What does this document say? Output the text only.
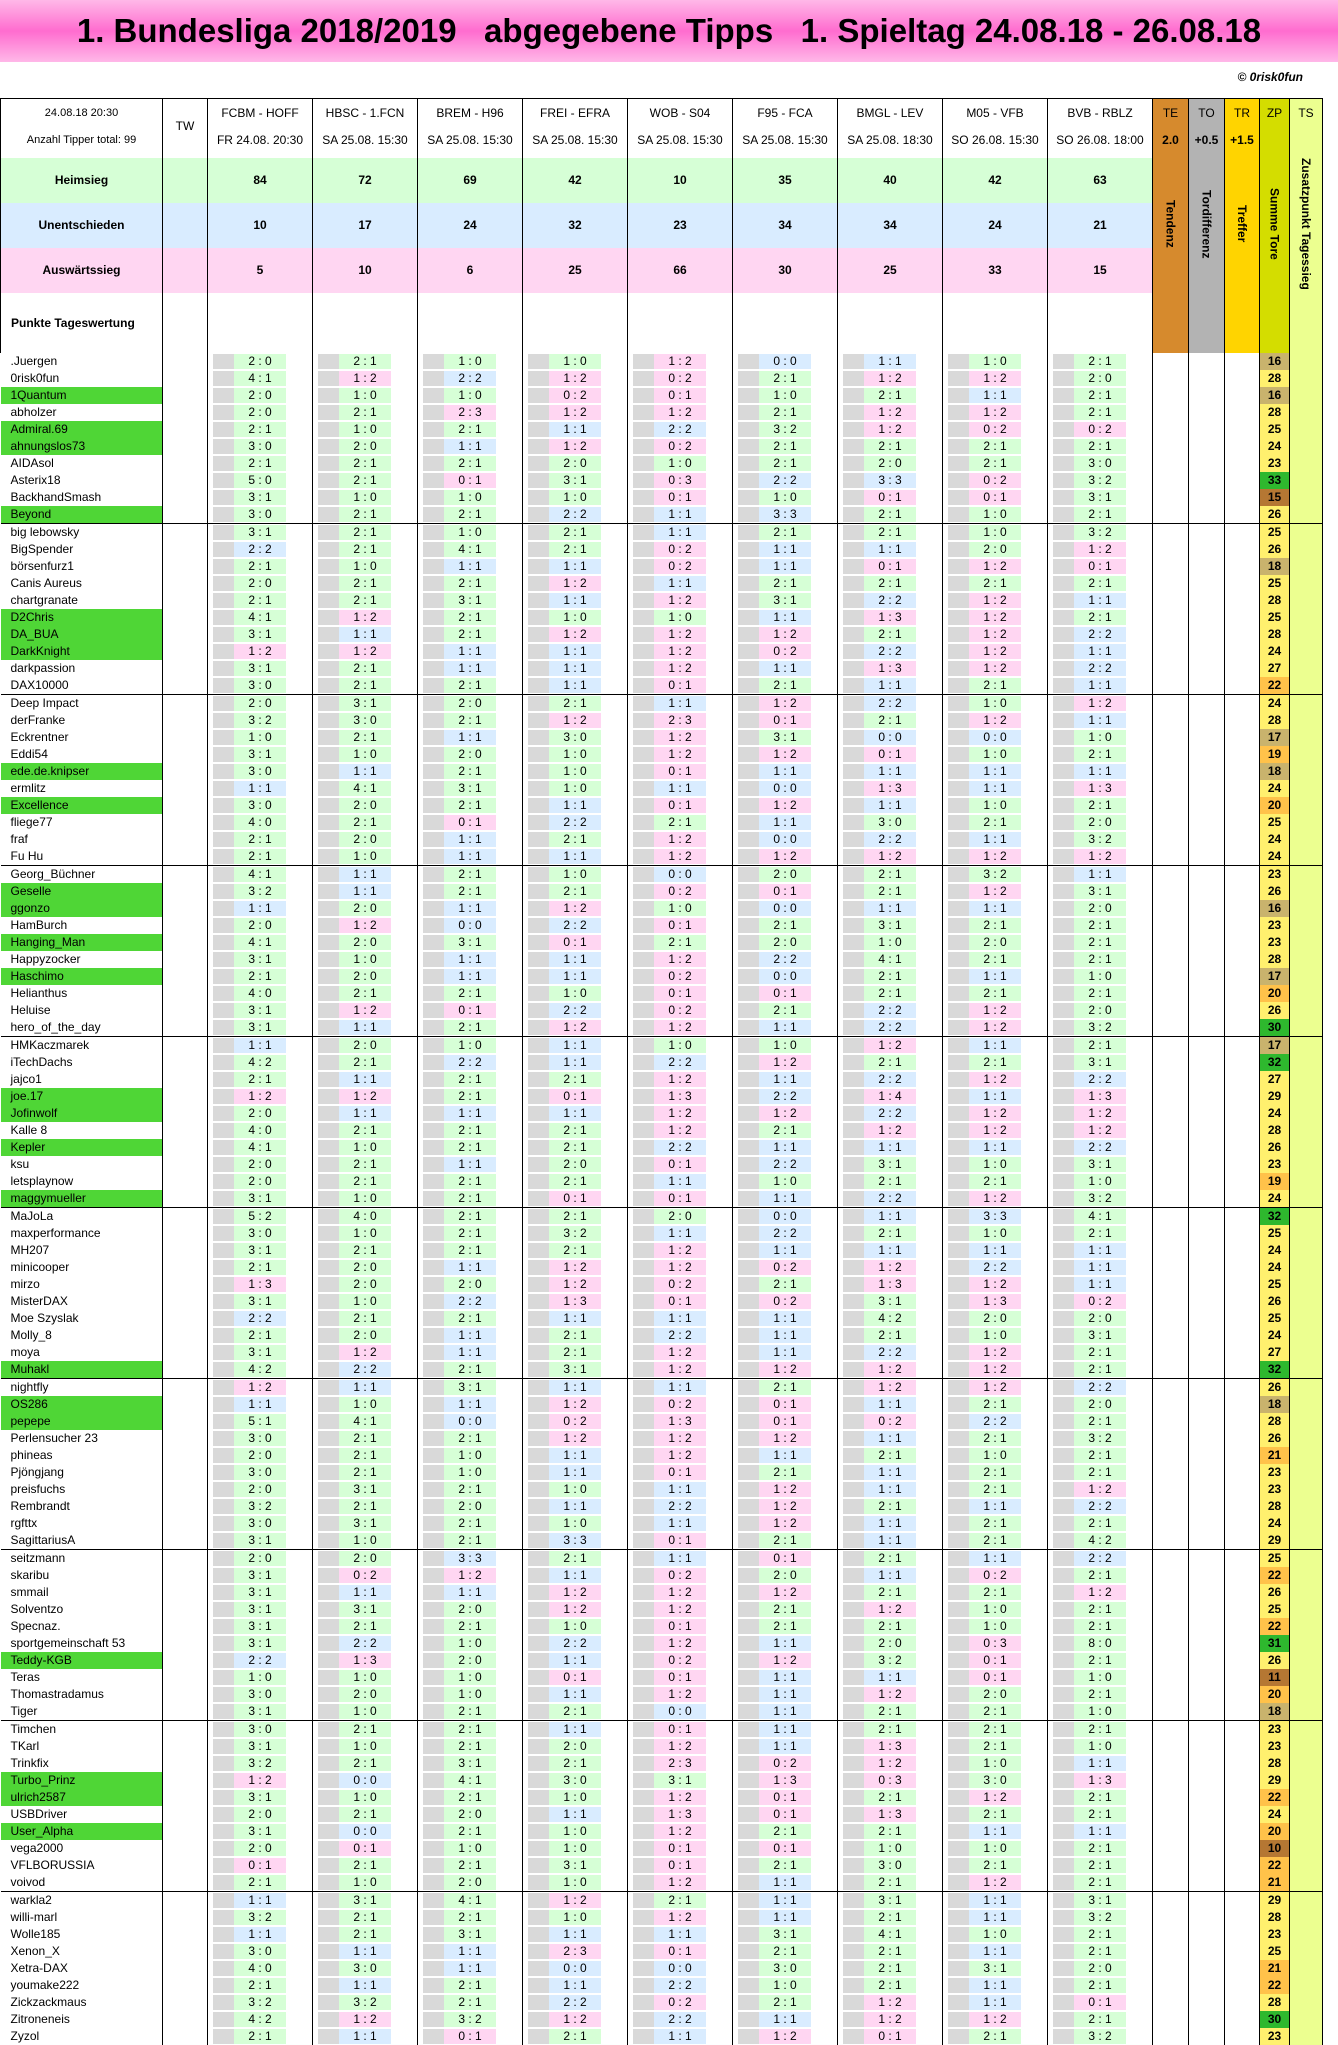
1. Bundesliga 2018/2019   abgegebene Tipps   1. Spieltag 24.08.18 - 26.08.18
© 0risk0fun
24.08.18 20:30	TW	FCBM - HOFF	HBSC - 1.FCN	BREM - H96	FREI - EFRA	WOB - S04	F95 - FCA	BMGL - LEV	M05 - VFB	BVB - RBLZ	TE	TO	TR	ZP	TS
Anzahl Tipper total: 99		FR 24.08. 20:30	SA 25.08. 15:30	SA 25.08. 15:30	SA 25.08. 15:30	SA 25.08. 15:30	SA 25.08. 15:30	SA 25.08. 18:30	SO 26.08. 15:30	SO 26.08. 18:00	2.0	+0.5	+1.5		

Heimsieg		84	72	69	42	10	35	40	42	63	Tendenz	Tordifferenz	Treffer	Summe Tore	Zusatzpunkt Tagessieg
Unentschieden		10	17	24	32	23	34	34	24	21					
Auswärtssieg		5	10	6	25	66	30	25	33	15					
Punkte Tageswertung															
.Juergen		2 : 0	2 : 1	1 : 0	1 : 0	1 : 2	0 : 0	1 : 1	1 : 0	2 : 1				16	
0risk0fun		4 : 1	1 : 2	2 : 2	1 : 2	0 : 2	2 : 1	1 : 2	1 : 2	2 : 0				28	
1Quantum		2 : 0	1 : 0	1 : 0	0 : 2	0 : 1	1 : 0	2 : 1	1 : 1	2 : 1				16	
abholzer		2 : 0	2 : 1	2 : 3	1 : 2	1 : 2	2 : 1	1 : 2	1 : 2	2 : 1				28	
Admiral.69		2 : 1	1 : 0	2 : 1	1 : 1	2 : 2	3 : 2	1 : 2	0 : 2	0 : 2				25	
ahnungslos73		3 : 0	2 : 0	1 : 1	1 : 2	0 : 2	2 : 1	2 : 1	2 : 1	2 : 1				24	
AIDAsol		2 : 1	2 : 1	2 : 1	2 : 0	1 : 0	2 : 1	2 : 0	2 : 1	3 : 0				23	
Asterix18		5 : 0	2 : 1	0 : 1	3 : 1	0 : 3	2 : 2	3 : 3	0 : 2	3 : 2				33	
BackhandSmash		3 : 1	1 : 0	1 : 0	1 : 0	0 : 1	1 : 0	0 : 1	0 : 1	3 : 1				15	
Beyond		3 : 0	2 : 1	2 : 1	2 : 2	1 : 1	3 : 3	2 : 1	1 : 0	2 : 1				26	
big lebowsky		3 : 1	2 : 1	1 : 0	2 : 1	1 : 1	2 : 1	2 : 1	1 : 0	3 : 2				25	
BigSpender		2 : 2	2 : 1	4 : 1	2 : 1	0 : 2	1 : 1	1 : 1	2 : 0	1 : 2				26	
börsenfurz1		2 : 1	1 : 0	1 : 1	1 : 1	0 : 2	1 : 1	0 : 1	1 : 2	0 : 1				18	
Canis Aureus		2 : 0	2 : 1	2 : 1	1 : 2	1 : 1	2 : 1	2 : 1	2 : 1	2 : 1				25	
chartgranate		2 : 1	2 : 1	3 : 1	1 : 1	1 : 2	3 : 1	2 : 2	1 : 2	1 : 1				28	
D2Chris		4 : 1	1 : 2	2 : 1	1 : 0	1 : 0	1 : 1	1 : 3	1 : 2	2 : 1				25	
DA_BUA		3 : 1	1 : 1	2 : 1	1 : 2	1 : 2	1 : 2	2 : 1	1 : 2	2 : 2				28	
DarkKnight		1 : 2	1 : 2	1 : 1	1 : 1	1 : 2	0 : 2	2 : 2	1 : 2	1 : 1				24	
darkpassion		3 : 1	2 : 1	1 : 1	1 : 1	1 : 2	1 : 1	1 : 3	1 : 2	2 : 2				27	
DAX10000		3 : 0	2 : 1	2 : 1	1 : 1	0 : 1	2 : 1	1 : 1	2 : 1	1 : 1				22	
Deep Impact		2 : 0	3 : 1	2 : 0	2 : 1	1 : 1	1 : 2	2 : 2	1 : 0	1 : 2				24	
derFranke		3 : 2	3 : 0	2 : 1	1 : 2	2 : 3	0 : 1	2 : 1	1 : 2	1 : 1				28	
Eckrentner		1 : 0	2 : 1	1 : 1	3 : 0	1 : 2	3 : 1	0 : 0	0 : 0	1 : 0				17	
Eddi54		3 : 1	1 : 0	2 : 0	1 : 0	1 : 2	1 : 2	0 : 1	1 : 0	2 : 1				19	
ede.de.knipser		3 : 0	1 : 1	2 : 1	1 : 0	0 : 1	1 : 1	1 : 1	1 : 1	1 : 1				18	
ermlitz		1 : 1	4 : 1	3 : 1	1 : 0	1 : 1	0 : 0	1 : 3	1 : 1	1 : 3				24	
Excellence		3 : 0	2 : 0	2 : 1	1 : 1	0 : 1	1 : 2	1 : 1	1 : 0	2 : 1				20	
fliege77		4 : 0	2 : 1	0 : 1	2 : 2	2 : 1	1 : 1	3 : 0	2 : 1	2 : 0				25	
fraf		2 : 1	2 : 0	1 : 1	2 : 1	1 : 2	0 : 0	2 : 2	1 : 1	3 : 2				24	
Fu Hu		2 : 1	1 : 0	1 : 1	1 : 1	1 : 2	1 : 2	1 : 2	1 : 2	1 : 2				24	
Georg_Büchner		4 : 1	1 : 1	2 : 1	1 : 0	0 : 0	2 : 0	2 : 1	3 : 2	1 : 1				23	
Geselle		3 : 2	1 : 1	2 : 1	2 : 1	0 : 2	0 : 1	2 : 1	1 : 2	3 : 1				26	
ggonzo		1 : 1	2 : 0	1 : 1	1 : 2	1 : 0	0 : 0	1 : 1	1 : 1	2 : 0				16	
HamBurch		2 : 0	1 : 2	0 : 0	2 : 2	0 : 1	2 : 1	3 : 1	2 : 1	2 : 1				23	
Hanging_Man		4 : 1	2 : 0	3 : 1	0 : 1	2 : 1	2 : 0	1 : 0	2 : 0	2 : 1				23	
Happyzocker		3 : 1	1 : 0	1 : 1	1 : 1	1 : 2	2 : 2	4 : 1	2 : 1	2 : 1				28	
Haschimo		2 : 1	2 : 0	1 : 1	1 : 1	0 : 2	0 : 0	2 : 1	1 : 1	1 : 0				17	
Helianthus		4 : 0	2 : 1	2 : 1	1 : 0	0 : 1	0 : 1	2 : 1	2 : 1	2 : 1				20	
Heluise		3 : 1	1 : 2	0 : 1	2 : 2	0 : 2	2 : 1	2 : 2	1 : 2	2 : 0				26	
hero_of_the_day		3 : 1	1 : 1	2 : 1	1 : 2	1 : 2	1 : 1	2 : 2	1 : 2	3 : 2				30	
HMKaczmarek		1 : 1	2 : 0	1 : 0	1 : 1	1 : 0	1 : 0	1 : 2	1 : 1	2 : 1				17	
iTechDachs		4 : 2	2 : 1	2 : 2	1 : 1	2 : 2	1 : 2	2 : 1	2 : 1	3 : 1				32	
jajco1		2 : 1	1 : 1	2 : 1	2 : 1	1 : 2	1 : 1	2 : 2	1 : 2	2 : 2				27	
joe.17		1 : 2	1 : 2	2 : 1	0 : 1	1 : 3	2 : 2	1 : 4	1 : 1	1 : 3				29	
Jofinwolf		2 : 0	1 : 1	1 : 1	1 : 1	1 : 2	1 : 2	2 : 2	1 : 2	1 : 2				24	
Kalle 8		4 : 0	2 : 1	2 : 1	2 : 1	1 : 2	2 : 1	1 : 2	1 : 2	1 : 2				28	
Kepler		4 : 1	1 : 0	2 : 1	2 : 1	2 : 2	1 : 1	1 : 1	1 : 1	2 : 2				26	
ksu		2 : 0	2 : 1	1 : 1	2 : 0	0 : 1	2 : 2	3 : 1	1 : 0	3 : 1				23	
letsplaynow		2 : 0	2 : 1	2 : 1	2 : 1	1 : 1	1 : 0	2 : 1	2 : 1	1 : 0				19	
maggymueller		3 : 1	1 : 0	2 : 1	0 : 1	0 : 1	1 : 1	2 : 2	1 : 2	3 : 2				24	
MaJoLa		5 : 2	4 : 0	2 : 1	2 : 1	2 : 0	0 : 0	1 : 1	3 : 3	4 : 1				32	
maxperformance		3 : 0	1 : 0	2 : 1	3 : 2	1 : 1	2 : 2	2 : 1	1 : 0	2 : 1				25	
MH207		3 : 1	2 : 1	2 : 1	2 : 1	1 : 2	1 : 1	1 : 1	1 : 1	1 : 1				24	
minicooper		2 : 1	2 : 0	1 : 1	1 : 2	1 : 2	0 : 2	1 : 2	2 : 2	1 : 1				24	
mirzo		1 : 3	2 : 0	2 : 0	1 : 2	0 : 2	2 : 1	1 : 3	1 : 2	1 : 1				25	
MisterDAX		3 : 1	1 : 0	2 : 2	1 : 3	0 : 1	0 : 2	3 : 1	1 : 3	0 : 2				26	
Moe Szyslak		2 : 2	2 : 1	2 : 1	1 : 1	1 : 1	1 : 1	4 : 2	2 : 0	2 : 0				25	
Molly_8		2 : 1	2 : 0	1 : 1	2 : 1	2 : 2	1 : 1	2 : 1	1 : 0	3 : 1				24	
moya		3 : 1	1 : 2	1 : 1	2 : 1	1 : 2	1 : 1	2 : 2	1 : 2	2 : 1				27	
Muhakl		4 : 2	2 : 2	2 : 1	3 : 1	1 : 2	1 : 2	1 : 2	1 : 2	2 : 1				32	
nightfly		1 : 2	1 : 1	3 : 1	1 : 1	1 : 1	2 : 1	1 : 2	1 : 2	2 : 2				26	
OS286		1 : 1	1 : 0	1 : 1	1 : 2	0 : 2	0 : 1	1 : 1	2 : 1	2 : 0				18	
pepepe		5 : 1	4 : 1	0 : 0	0 : 2	1 : 3	0 : 1	0 : 2	2 : 2	2 : 1				28	
Perlensucher 23		3 : 0	2 : 1	2 : 1	1 : 2	1 : 2	1 : 2	1 : 1	2 : 1	3 : 2				26	
phineas		2 : 0	2 : 1	1 : 0	1 : 1	1 : 2	1 : 1	2 : 1	1 : 0	2 : 1				21	
Pjöngjang		3 : 0	2 : 1	1 : 0	1 : 1	0 : 1	2 : 1	1 : 1	2 : 1	2 : 1				23	
preisfuchs		2 : 0	3 : 1	2 : 1	1 : 0	1 : 1	1 : 2	1 : 1	2 : 1	1 : 2				23	
Rembrandt		3 : 2	2 : 1	2 : 0	1 : 1	2 : 2	1 : 2	2 : 1	1 : 1	2 : 2				28	
rgfttx		3 : 0	3 : 1	2 : 1	1 : 0	1 : 1	1 : 2	1 : 1	2 : 1	2 : 1				24	
SagittariusA		3 : 1	1 : 0	2 : 1	3 : 3	0 : 1	2 : 1	1 : 1	2 : 1	4 : 2				29	
seitzmann		2 : 0	2 : 0	3 : 3	2 : 1	1 : 1	0 : 1	2 : 1	1 : 1	2 : 2				25	
skaribu		3 : 1	0 : 2	1 : 2	1 : 1	0 : 2	2 : 0	1 : 1	0 : 2	2 : 1				22	
smmail		3 : 1	1 : 1	1 : 1	1 : 2	1 : 2	1 : 2	2 : 1	2 : 1	1 : 2				26	
Solventzo		3 : 1	3 : 1	2 : 0	1 : 2	1 : 2	2 : 1	1 : 2	1 : 0	2 : 1				25	
Specnaz.		3 : 1	2 : 1	2 : 1	1 : 0	0 : 1	2 : 1	2 : 1	1 : 0	2 : 1				22	
sportgemeinschaft 53		3 : 1	2 : 2	1 : 0	2 : 2	1 : 2	1 : 1	2 : 0	0 : 3	8 : 0				31	
Teddy-KGB		2 : 2	1 : 3	2 : 0	1 : 1	0 : 2	1 : 2	3 : 2	0 : 1	2 : 1				26	
Teras		1 : 0	1 : 0	1 : 0	0 : 1	0 : 1	1 : 1	1 : 1	0 : 1	1 : 0				11	
Thomastradamus		3 : 0	2 : 0	1 : 0	1 : 1	1 : 2	1 : 1	1 : 2	2 : 0	2 : 1				20	
Tiger		3 : 1	1 : 0	2 : 1	2 : 1	0 : 0	1 : 1	2 : 1	2 : 1	1 : 0				18	
Timchen		3 : 0	2 : 1	2 : 1	1 : 1	0 : 1	1 : 1	2 : 1	2 : 1	2 : 1				23	
TKarl		3 : 1	1 : 0	2 : 1	2 : 0	1 : 2	1 : 1	1 : 3	2 : 1	1 : 0				23	
Trinkfix		3 : 2	2 : 1	3 : 1	2 : 1	2 : 3	0 : 2	1 : 2	1 : 0	1 : 1				28	
Turbo_Prinz		1 : 2	0 : 0	4 : 1	3 : 0	3 : 1	1 : 3	0 : 3	3 : 0	1 : 3				29	
ulrich2587		3 : 1	1 : 0	2 : 1	1 : 0	1 : 2	0 : 1	2 : 1	1 : 2	2 : 1				22	
USBDriver		2 : 0	2 : 1	2 : 0	1 : 1	1 : 3	0 : 1	1 : 3	2 : 1	2 : 1				24	
User_Alpha		3 : 1	0 : 0	2 : 1	1 : 0	1 : 2	2 : 1	2 : 1	1 : 1	1 : 1				20	
vega2000		2 : 0	0 : 1	1 : 0	1 : 0	0 : 1	0 : 1	1 : 0	1 : 0	2 : 1				10	
VFLBORUSSIA		0 : 1	2 : 1	2 : 1	3 : 1	0 : 1	2 : 1	3 : 0	2 : 1	2 : 1				22	
voivod		2 : 1	1 : 0	2 : 0	1 : 0	1 : 2	1 : 1	2 : 1	1 : 2	2 : 1				21	
warkla2		1 : 1	3 : 1	4 : 1	1 : 2	2 : 1	1 : 1	3 : 1	1 : 1	3 : 1				29	
willi-marl		3 : 2	2 : 1	2 : 1	1 : 0	1 : 2	1 : 1	2 : 1	1 : 1	3 : 2				28	
Wolle185		1 : 1	2 : 1	3 : 1	1 : 1	1 : 1	3 : 1	4 : 1	1 : 0	2 : 1				23	
Xenon_X		3 : 0	1 : 1	1 : 1	2 : 3	0 : 1	2 : 1	2 : 1	1 : 1	2 : 1				25	
Xetra-DAX		4 : 0	3 : 0	1 : 1	0 : 0	0 : 0	3 : 0	2 : 1	3 : 1	2 : 0				21	
youmake222		2 : 1	1 : 1	2 : 1	1 : 1	2 : 2	1 : 0	2 : 1	1 : 1	2 : 1				22	
Zickzackmaus		3 : 2	3 : 2	2 : 1	2 : 2	0 : 2	2 : 1	1 : 2	1 : 1	0 : 1				28	
Zitroneneis		4 : 2	1 : 2	3 : 2	1 : 2	2 : 2	1 : 1	1 : 2	1 : 2	2 : 1				30	
Zyzol		2 : 1	1 : 1	0 : 1	2 : 1	1 : 1	1 : 2	0 : 1	2 : 1	3 : 2				23	
